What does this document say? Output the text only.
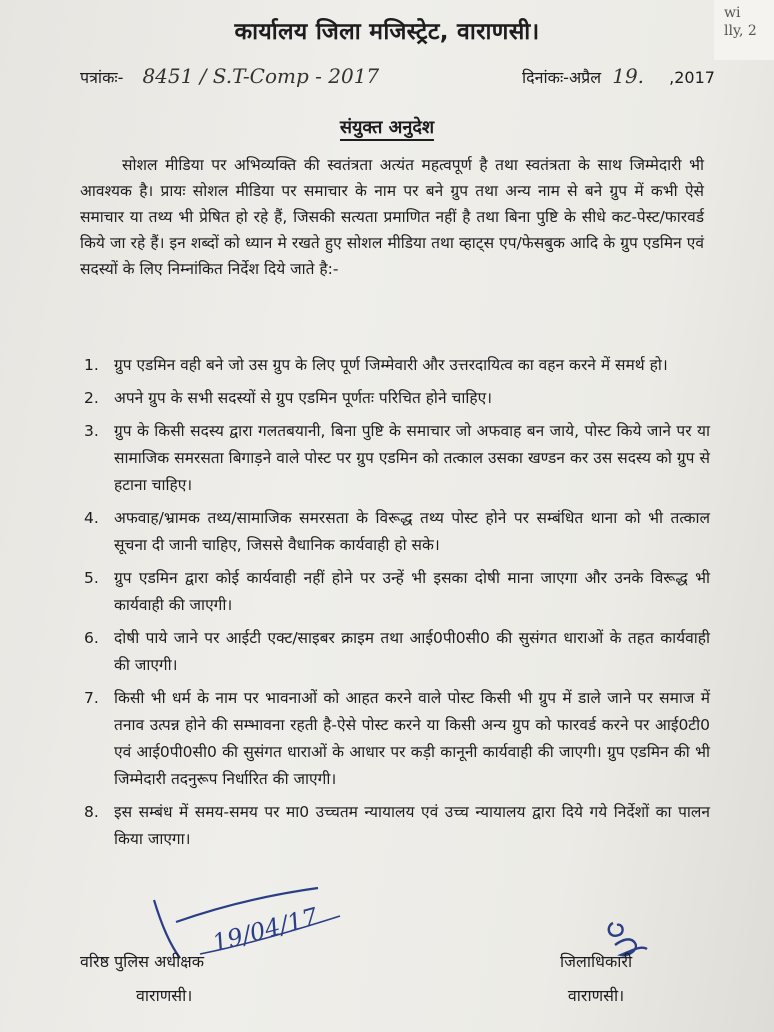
wi
lly, 2
कार्यालय जिला मजिस्ट्रेट, वाराणसी।
पत्रांकः- 8451 / S.T-Comp - 2017	दिनांकः-अप्रैल 19. ,2017
संयुक्त अनुदेश

सोशल मीडिया पर अभिव्यक्ति की स्वतंत्रता अत्यंत महत्वपूर्ण है तथा स्वतंत्रता के साथ जिम्मेदारी भी आवश्यक है। प्रायः सोशल मीडिया पर समाचार के नाम पर बने ग्रुप तथा अन्य नाम से बने ग्रुप में कभी ऐसे समाचार या तथ्य भी प्रेषित हो रहे हैं, जिसकी सत्यता प्रमाणित नहीं है तथा बिना पुष्टि के सीधे कट-पेस्ट/फारवर्ड किये जा रहे हैं। इन शब्दों को ध्यान मे रखते हुए सोशल मीडिया तथा व्हाट्स एप/फेसबुक आदि के ग्रुप एडमिन एवं सदस्यों के लिए निम्नांकित निर्देश दिये जाते है:-

1. ग्रुप एडमिन वही बने जो उस ग्रुप के लिए पूर्ण जिम्मेवारी और उत्तरदायित्व का वहन करने में समर्थ हो।
2. अपने ग्रुप के सभी सदस्यों से ग्रुप एडमिन पूर्णतः परिचित होने चाहिए।
3. ग्रुप के किसी सदस्य द्वारा गलतबयानी, बिना पुष्टि के समाचार जो अफवाह बन जाये, पोस्ट किये जाने पर या सामाजिक समरसता बिगाड़ने वाले पोस्ट पर ग्रुप एडमिन को तत्काल उसका खण्डन कर उस सदस्य को ग्रुप से हटाना चाहिए।
4. अफवाह/भ्रामक तथ्य/सामाजिक समरसता के विरूद्ध तथ्य पोस्ट होने पर सम्बंधित थाना को भी तत्काल सूचना दी जानी चाहिए, जिससे वैधानिक कार्यवाही हो सके।
5. ग्रुप एडमिन द्वारा कोई कार्यवाही नहीं होने पर उन्हें भी इसका दोषी माना जाएगा और उनके विरूद्ध भी कार्यवाही की जाएगी।
6. दोषी पाये जाने पर आईटी एक्ट/साइबर क्राइम तथा आई0पी0सी0 की सुसंगत धाराओं के तहत कार्यवाही की जाएगी।
7. किसी भी धर्म के नाम पर भावनाओं को आहत करने वाले पोस्ट किसी भी ग्रुप में डाले जाने पर समाज में तनाव उत्पन्न होने की सम्भावना रहती है-ऐसे पोस्ट करने या किसी अन्य ग्रुप को फारवर्ड करने पर आई0टी0 एवं आई0पी0सी0 की सुसंगत धाराओं के आधार पर कड़ी कानूनी कार्यवाही की जाएगी। ग्रुप एडमिन की भी जिम्मेदारी तदनुरूप निर्धारित की जाएगी।
8. इस सम्बंध में समय-समय पर मा0 उच्चतम न्यायालय एवं उच्च न्यायालय द्वारा दिये गये निर्देशों का पालन किया जाएगा।
19/04/17
वरिष्ठ पुलिस अधीक्षक
वाराणसी।
जिलाधिकारी
वाराणसी।
